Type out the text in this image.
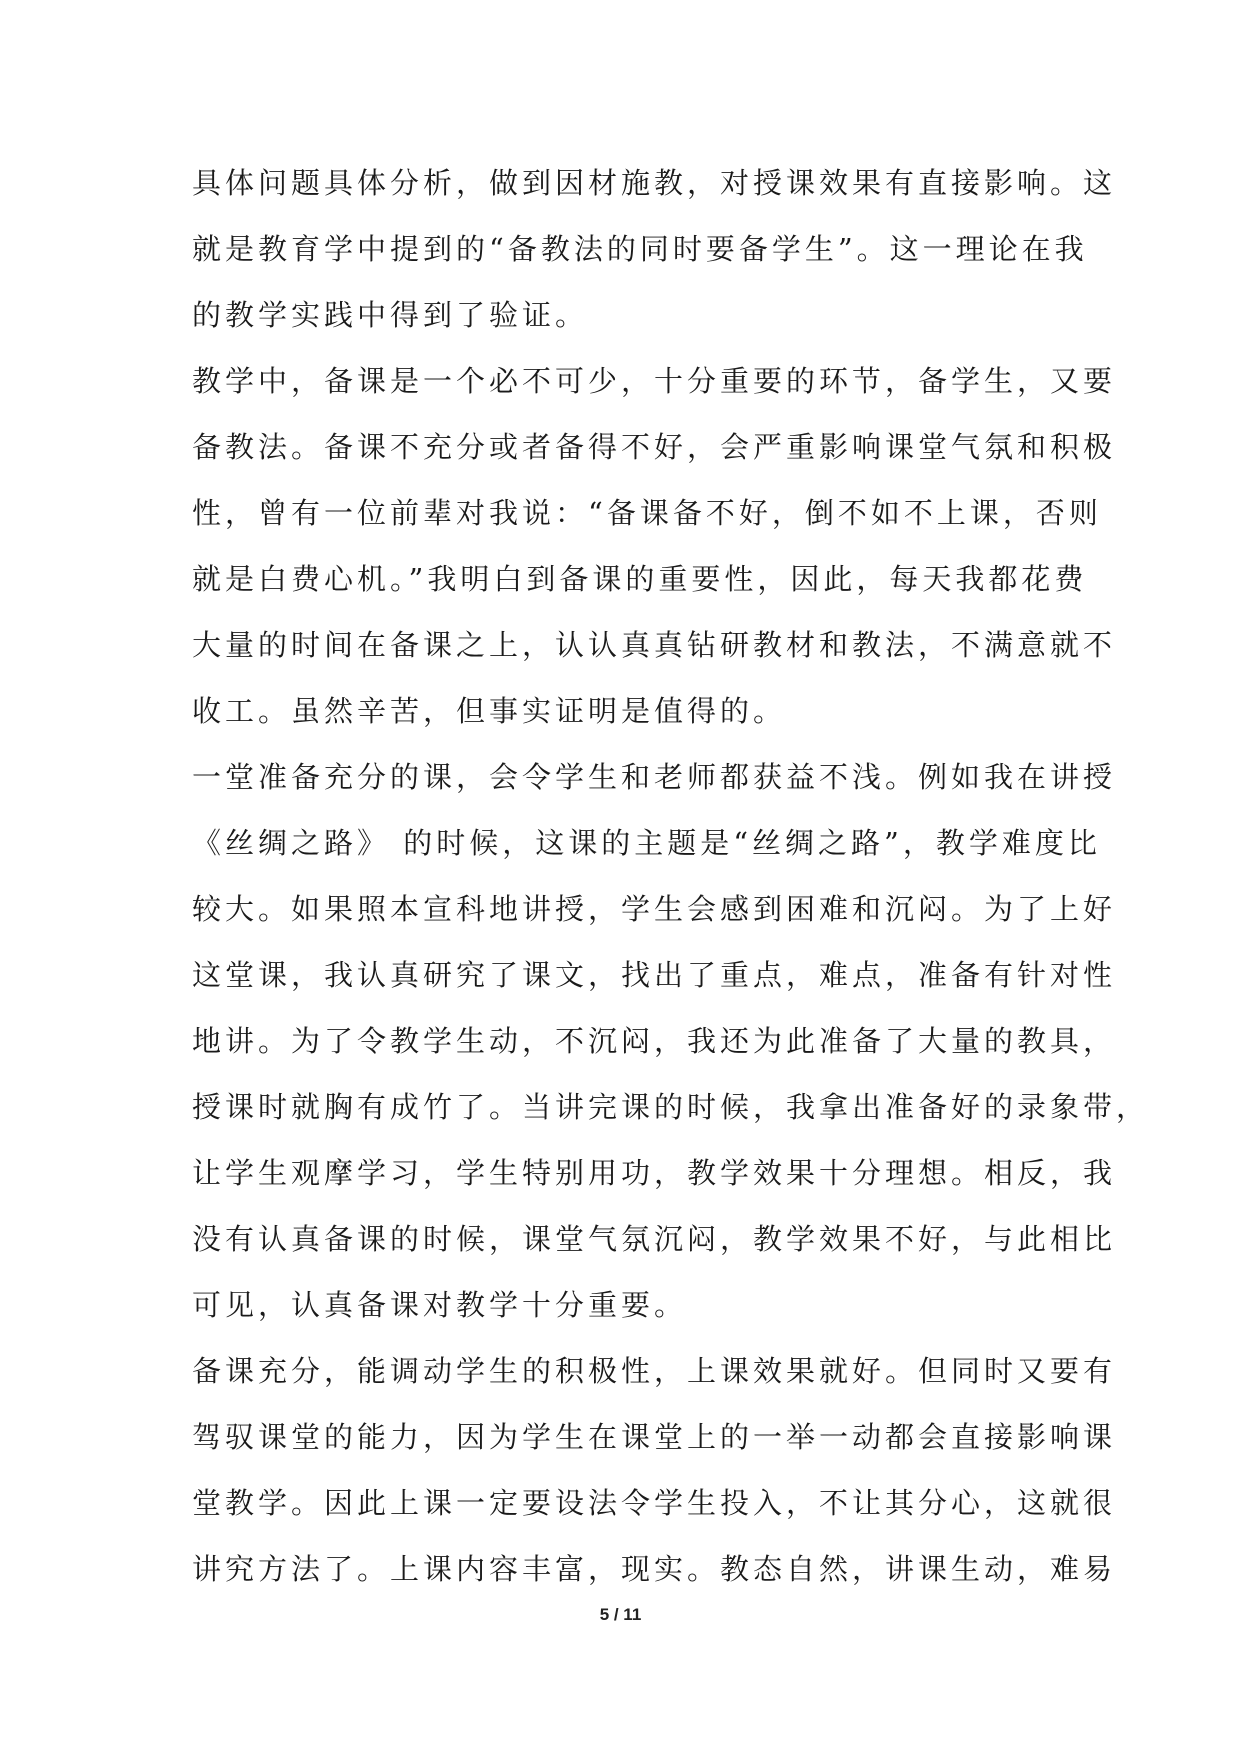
具体问题具体分析，做到因材施教，对授课效果有直接影响。这
就是教育学中提到的“备教法的同时要备学生”。这一理论在我
的教学实践中得到了验证。
教学中，备课是一个必不可少，十分重要的环节，备学生，又要
备教法。备课不充分或者备得不好，会严重影响课堂气氛和积极
性，曾有一位前辈对我说：“备课备不好，倒不如不上课，否则
就是白费心机。”我明白到备课的重要性，因此，每天我都花费
大量的时间在备课之上，认认真真钻研教材和教法，不满意就不
收工。虽然辛苦，但事实证明是值得的。
一堂准备充分的课，会令学生和老师都获益不浅。例如我在讲授
《丝绸之路》 的时候，这课的主题是“丝绸之路”，教学难度比
较大。如果照本宣科地讲授，学生会感到困难和沉闷。为了上好
这堂课，我认真研究了课文，找出了重点，难点，准备有针对性
地讲。为了令教学生动，不沉闷，我还为此准备了大量的教具，
授课时就胸有成竹了。当讲完课的时候，我拿出准备好的录象带，
让学生观摩学习，学生特别用功，教学效果十分理想。相反，我
没有认真备课的时候，课堂气氛沉闷，教学效果不好，与此相比
可见，认真备课对教学十分重要。
备课充分，能调动学生的积极性，上课效果就好。但同时又要有
驾驭课堂的能力，因为学生在课堂上的一举一动都会直接影响课
堂教学。因此上课一定要设法令学生投入，不让其分心，这就很
讲究方法了。上课内容丰富，现实。教态自然，讲课生动，难易
5 / 11
